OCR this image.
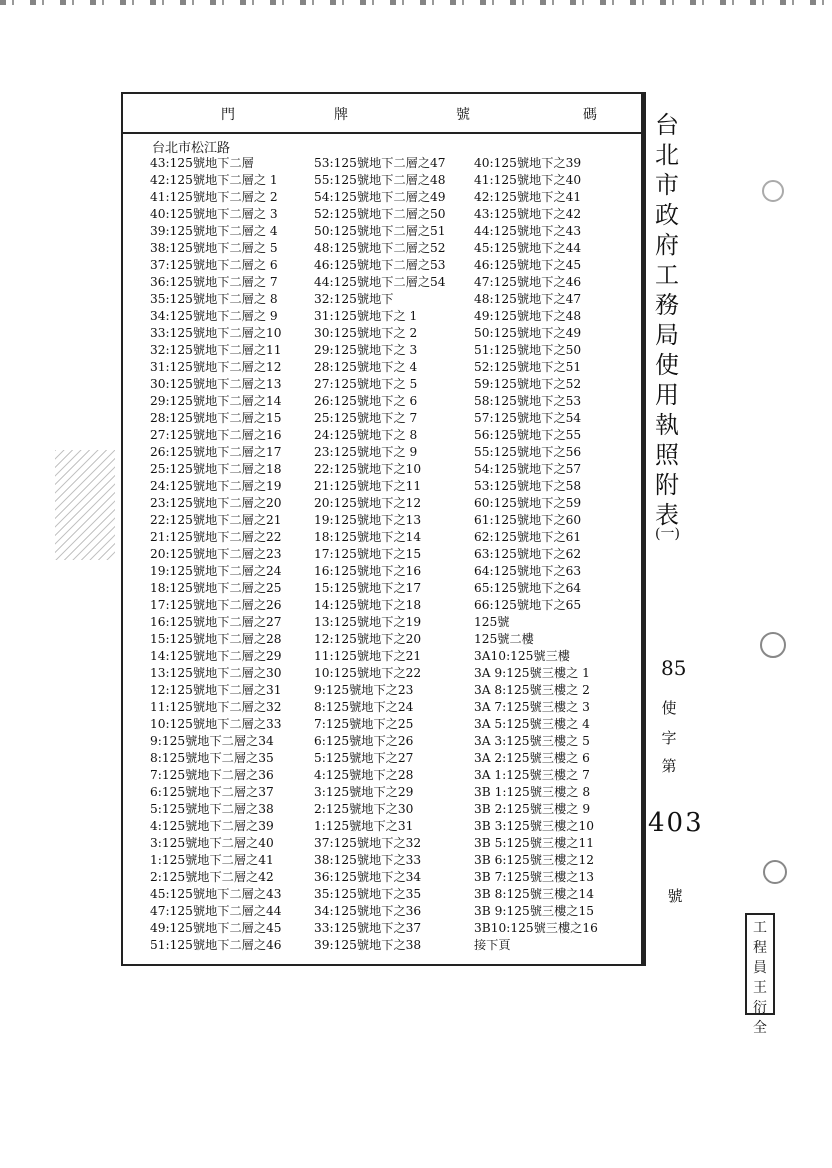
門	牌	號	碼
台北市松江路
43:125號地下二層
42:125號地下二層之 1
41:125號地下二層之 2
40:125號地下二層之 3
39:125號地下二層之 4
38:125號地下二層之 5
37:125號地下二層之 6
36:125號地下二層之 7
35:125號地下二層之 8
34:125號地下二層之 9
33:125號地下二層之10
32:125號地下二層之11
31:125號地下二層之12
30:125號地下二層之13
29:125號地下二層之14
28:125號地下二層之15
27:125號地下二層之16
26:125號地下二層之17
25:125號地下二層之18
24:125號地下二層之19
23:125號地下二層之20
22:125號地下二層之21
21:125號地下二層之22
20:125號地下二層之23
19:125號地下二層之24
18:125號地下二層之25
17:125號地下二層之26
16:125號地下二層之27
15:125號地下二層之28
14:125號地下二層之29
13:125號地下二層之30
12:125號地下二層之31
11:125號地下二層之32
10:125號地下二層之33
9:125號地下二層之34
8:125號地下二層之35
7:125號地下二層之36
6:125號地下二層之37
5:125號地下二層之38
4:125號地下二層之39
3:125號地下二層之40
1:125號地下二層之41
2:125號地下二層之42
45:125號地下二層之43
47:125號地下二層之44
49:125號地下二層之45
51:125號地下二層之46
53:125號地下二層之47
55:125號地下二層之48
54:125號地下二層之49
52:125號地下二層之50
50:125號地下二層之51
48:125號地下二層之52
46:125號地下二層之53
44:125號地下二層之54
32:125號地下
31:125號地下之 1
30:125號地下之 2
29:125號地下之 3
28:125號地下之 4
27:125號地下之 5
26:125號地下之 6
25:125號地下之 7
24:125號地下之 8
23:125號地下之 9
22:125號地下之10
21:125號地下之11
20:125號地下之12
19:125號地下之13
18:125號地下之14
17:125號地下之15
16:125號地下之16
15:125號地下之17
14:125號地下之18
13:125號地下之19
12:125號地下之20
11:125號地下之21
10:125號地下之22
9:125號地下之23
8:125號地下之24
7:125號地下之25
6:125號地下之26
5:125號地下之27
4:125號地下之28
3:125號地下之29
2:125號地下之30
1:125號地下之31
37:125號地下之32
38:125號地下之33
36:125號地下之34
35:125號地下之35
34:125號地下之36
33:125號地下之37
39:125號地下之38
40:125號地下之39
41:125號地下之40
42:125號地下之41
43:125號地下之42
44:125號地下之43
45:125號地下之44
46:125號地下之45
47:125號地下之46
48:125號地下之47
49:125號地下之48
50:125號地下之49
51:125號地下之50
52:125號地下之51
59:125號地下之52
58:125號地下之53
57:125號地下之54
56:125號地下之55
55:125號地下之56
54:125號地下之57
53:125號地下之58
60:125號地下之59
61:125號地下之60
62:125號地下之61
63:125號地下之62
64:125號地下之63
65:125號地下之64
66:125號地下之65
125號
125號二樓
3A10:125號三樓
3A 9:125號三樓之 1
3A 8:125號三樓之 2
3A 7:125號三樓之 3
3A 5:125號三樓之 4
3A 3:125號三樓之 5
3A 2:125號三樓之 6
3A 1:125號三樓之 7
3B 1:125號三樓之 8
3B 2:125號三樓之 9
3B 3:125號三樓之10
3B 5:125號三樓之11
3B 6:125號三樓之12
3B 7:125號三樓之13
3B 8:125號三樓之14
3B 9:125號三樓之15
3B10:125號三樓之16
接下頁
台
北
市
政
府
工
務
局
使
用
執
照
附
表
(一)
85
使
字
第
403
號
工
程
員
王
衍
全
